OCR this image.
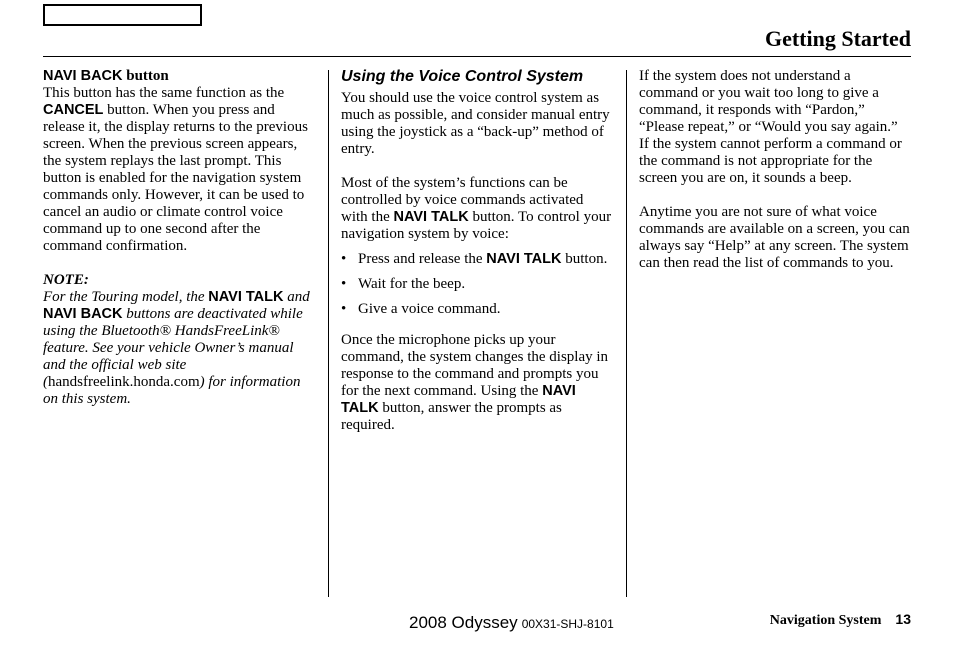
Getting Started
NAVI BACK button

This button has the same function as the CANCEL button. When you press and release it, the display returns to the previous screen. When the previous screen appears, the system replays the last prompt. This button is enabled for the navigation system commands only. However, it can be used to cancel an audio or climate control voice command up to one second after the command confirmation.

NOTE:
For the Touring model, the NAVI TALK and NAVI BACK buttons are deactivated while using the Bluetooth® HandsFreeLink® feature. See your vehicle Owner’s manual and the official web site (handsfreelink.honda.com) for information on this system.
Using the Voice Control System

You should use the voice control system as much as possible, and consider manual entry using the joystick as a “back-up” method of entry.

Most of the system’s functions can be controlled by voice commands activated with the NAVI TALK button. To control your navigation system by voice:

• Press and release the NAVI TALK button.
• Wait for the beep.
• Give a voice command.

Once the microphone picks up your command, the system changes the display in response to the command and prompts you for the next command. Using the NAVI TALK button, answer the prompts as required.

If the system does not understand a command or you wait too long to give a command, it responds with “Pardon,” “Please repeat,” or “Would you say again.” If the system cannot perform a command or the command is not appropriate for the screen you are on, it sounds a beep.

Anytime you are not sure of what voice commands are available on a screen, you can always say “Help” at any screen. The system can then read the list of commands to you.

2008 Odyssey 00X31-SHJ-8101	Navigation System 13
